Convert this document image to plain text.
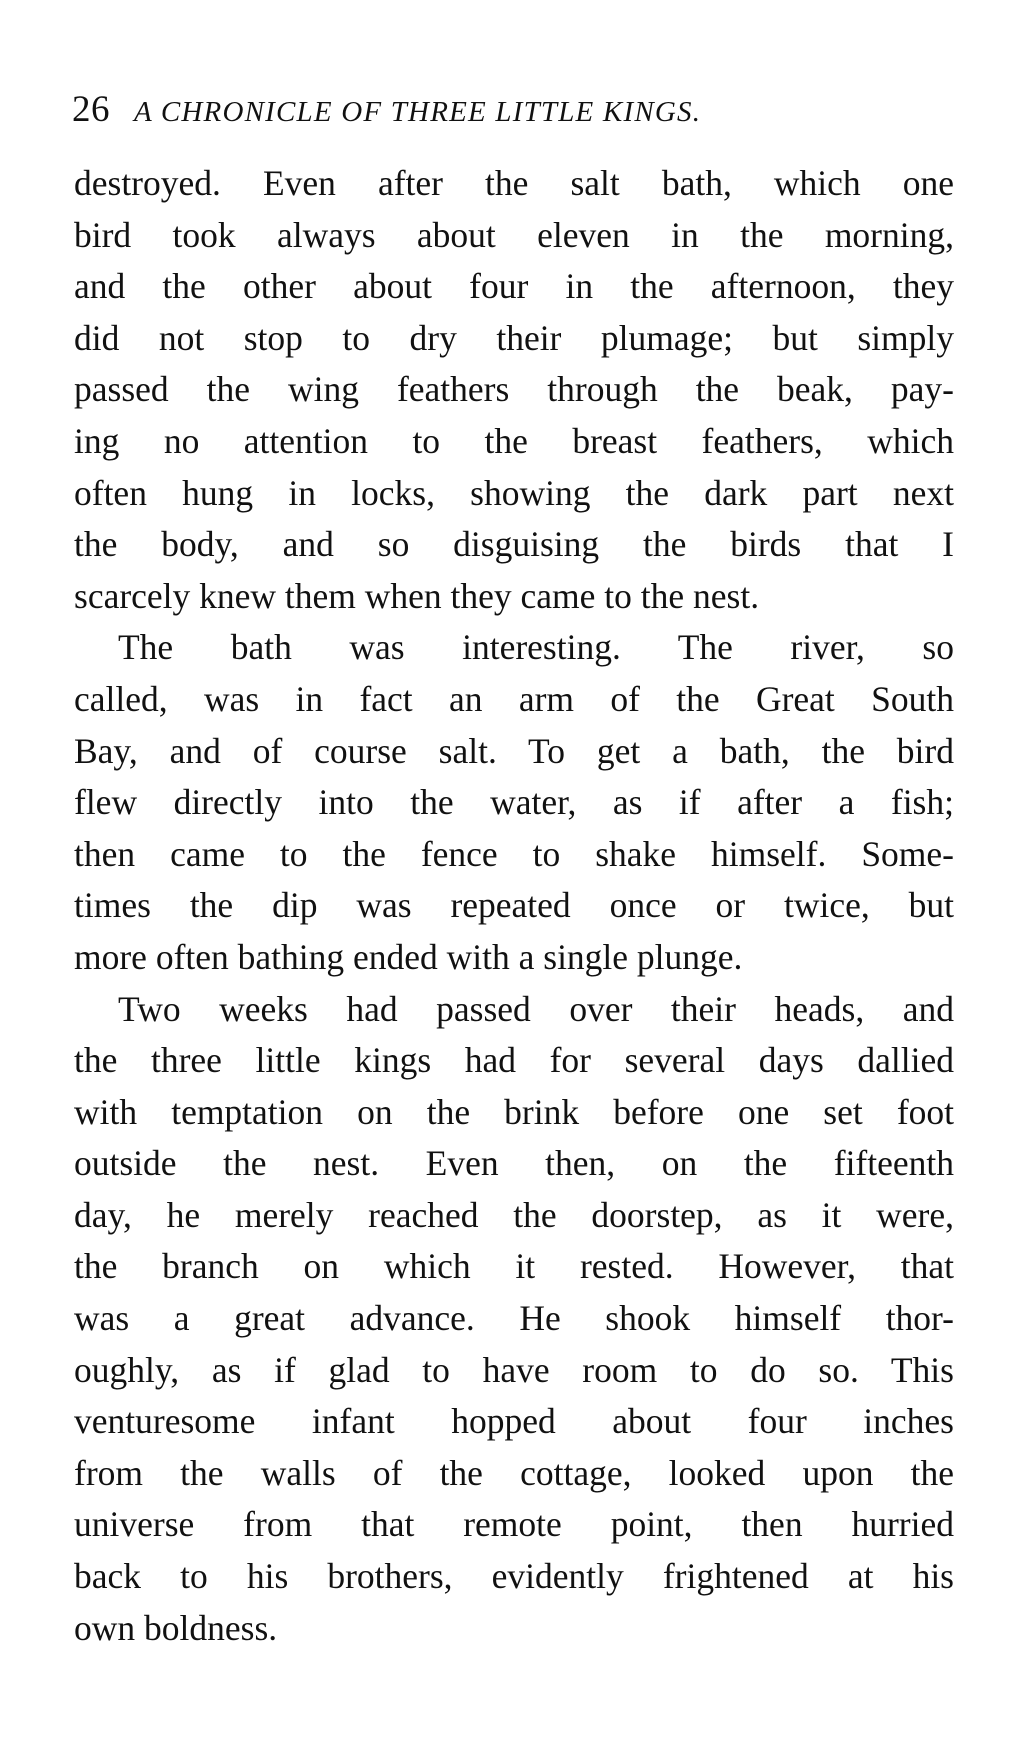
26 A CHRONICLE OF THREE LITTLE KINGS.
destroyed. Even after the salt bath, which one
bird took always about eleven in the morning,
and the other about four in the afternoon, they
did not stop to dry their plumage; but simply
passed the wing feathers through the beak, pay-
ing no attention to the breast feathers, which
often hung in locks, showing the dark part next
the body, and so disguising the birds that I
scarcely knew them when they came to the nest.
The bath was interesting. The river, so
called, was in fact an arm of the Great South
Bay, and of course salt. To get a bath, the bird
flew directly into the water, as if after a fish;
then came to the fence to shake himself. Some-
times the dip was repeated once or twice, but
more often bathing ended with a single plunge.
Two weeks had passed over their heads, and
the three little kings had for several days dallied
with temptation on the brink before one set foot
outside the nest. Even then, on the fifteenth
day, he merely reached the doorstep, as it were,
the branch on which it rested. However, that
was a great advance. He shook himself thor-
oughly, as if glad to have room to do so. This
venturesome infant hopped about four inches
from the walls of the cottage, looked upon the
universe from that remote point, then hurried
back to his brothers, evidently frightened at his
own boldness.
